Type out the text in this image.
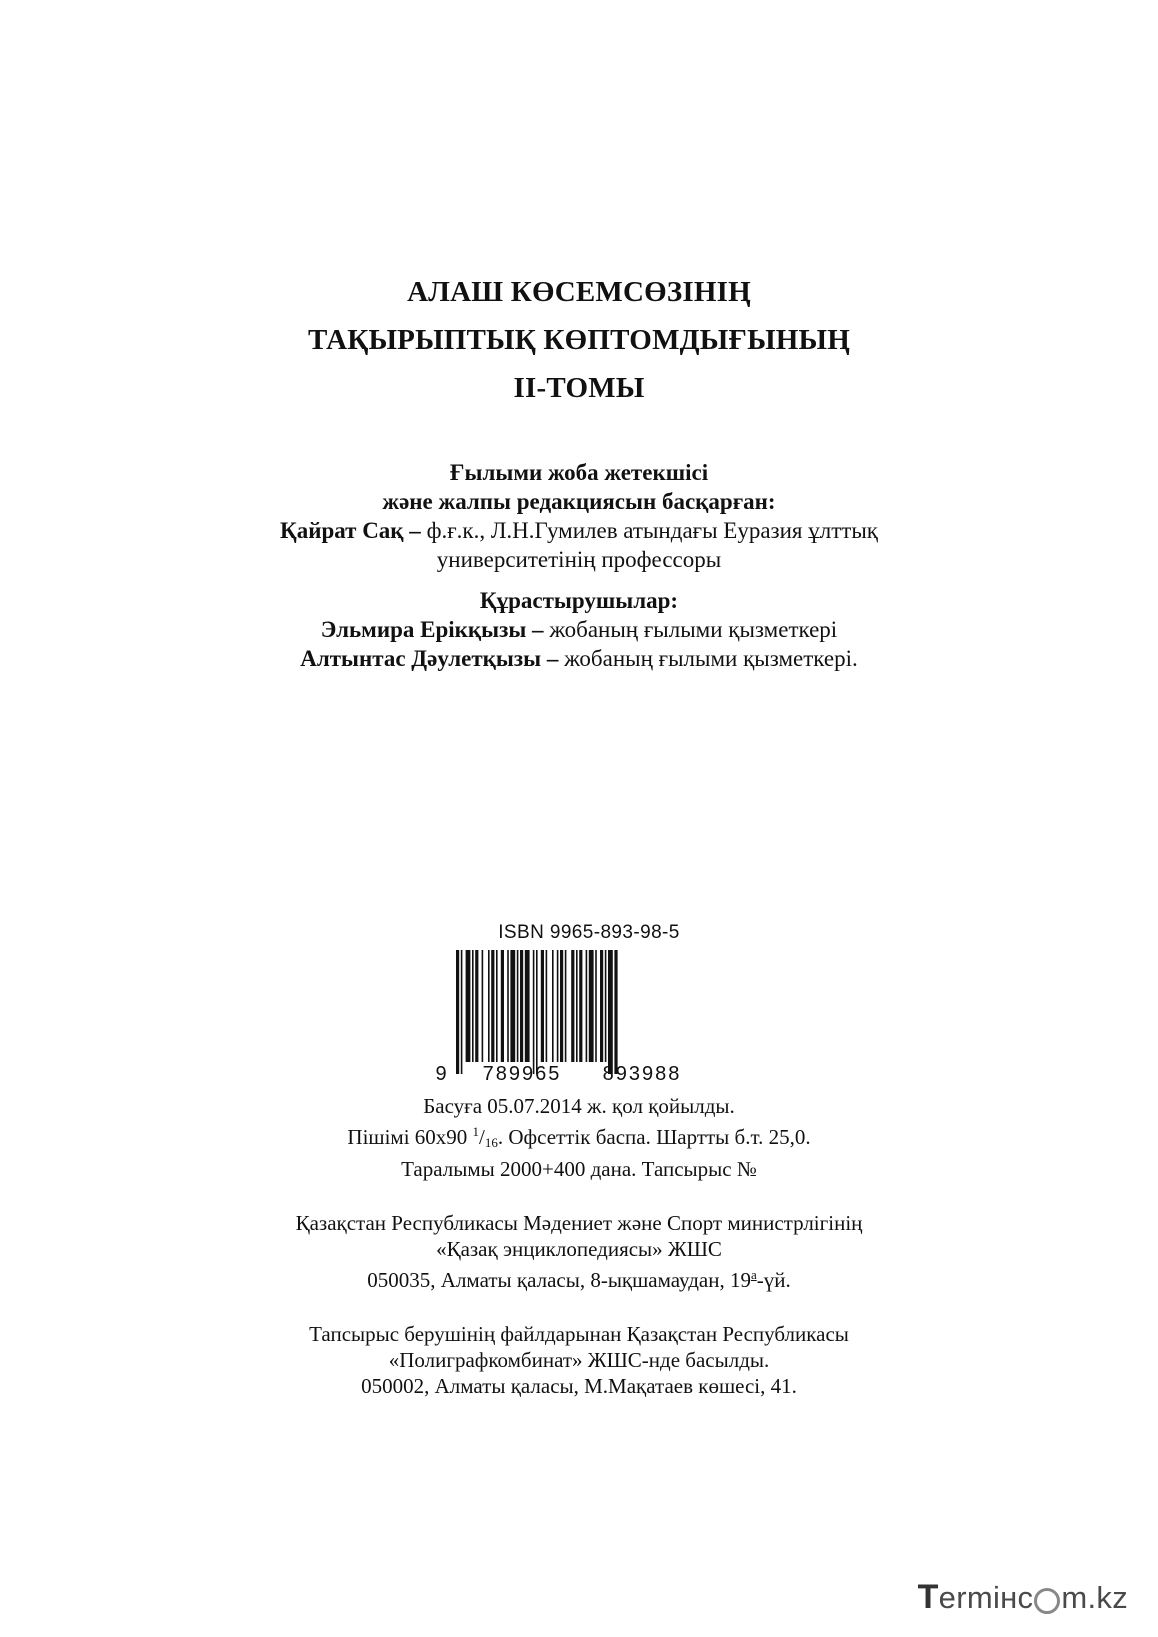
АЛАШ КӨСЕМСӨЗІНІҢ
ТАҚЫРЫПТЫҚ КӨПТОМДЫҒЫНЫҢ
ІІ-ТОМЫ
Ғылыми жоба жетекшісі
және жалпы редакциясын басқарған:
Қайрат Сақ – ф.ғ.к., Л.Н.Гумилев атындағы Еуразия ұлттық
университетінің профессоры
Құрастырушылар:
Эльмира Ерікқызы – жобаның ғылыми қызметкері
Алтынтас Дәулетқызы – жобаның ғылыми қызметкері.
ISBN 9965-893-98-5
9 789965 893988
Басуға 05.07.2014 ж. қол қойылды.
Пішімі 60х90 $^1/_{16}$. Офсеттік баспа. Шартты б.т. 25,0.
Таралымы 2000+400 дана. Тапсырыс №
Қазақстан Республикасы Мәдениет және Спорт министрлігінің
«Қазақ энциклопедиясы» ЖШС
050035, Алматы қаласы, 8-ықшамаудан, $19^а-үй$.
Тапсырыс берушінің файлдарынан Қазақстан Республикасы
«Полиграфкомбинат» ЖШС-нде басылды.
050002, Алматы қаласы, М.Мақатаев көшесі, 41.
T ermінc m.kz
